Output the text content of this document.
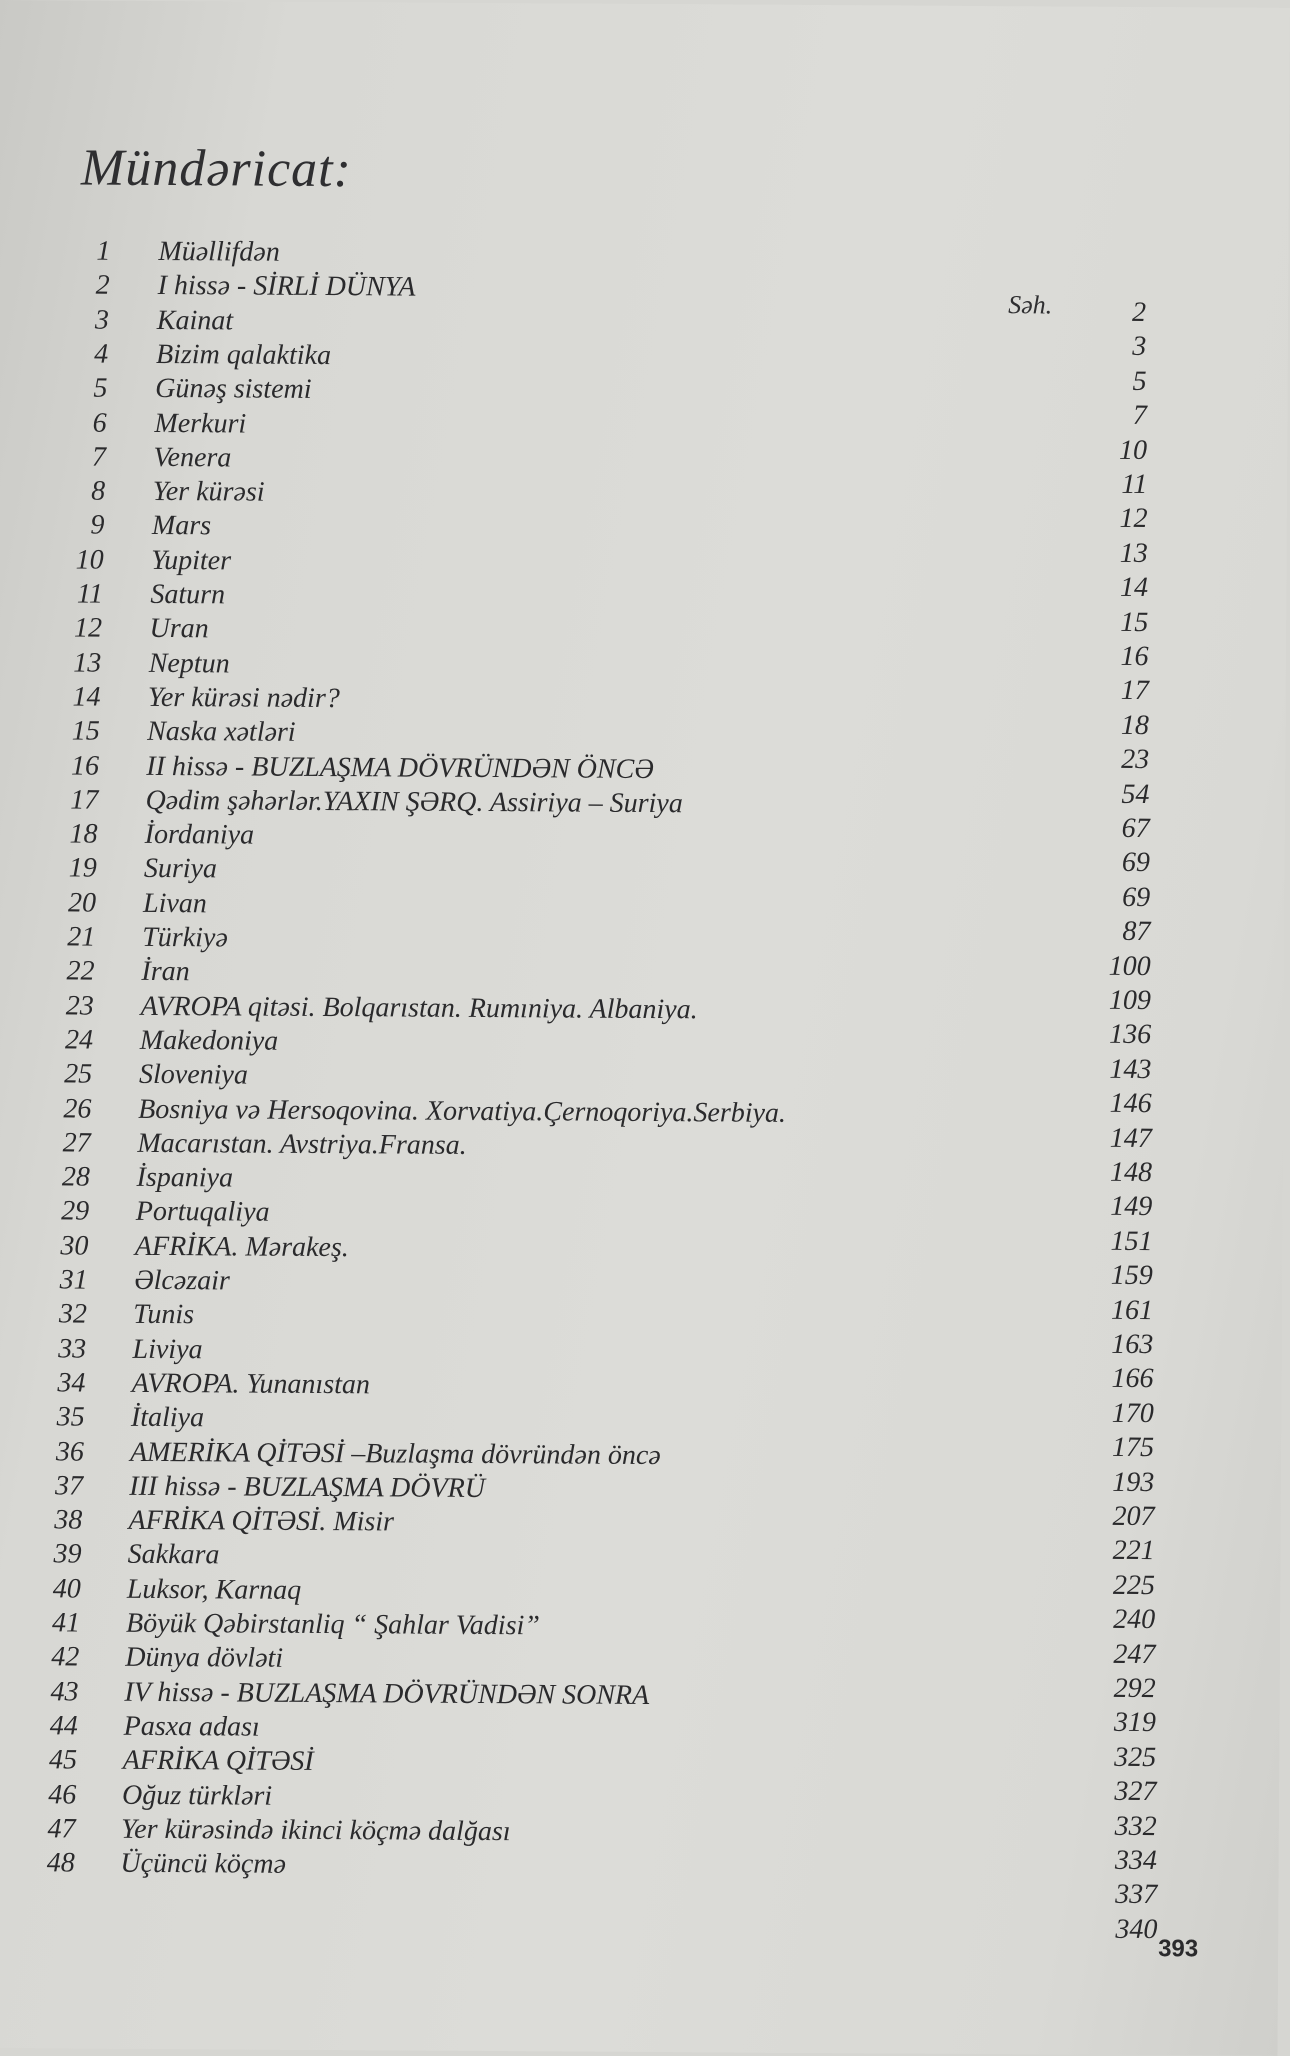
Mündəricat:
Səh.
1 Müəllifdən
2
2 I hissə - SİRLİ DÜNYA
3
3 Kainat
5
4 Bizim qalaktika
7
5 Günəş sistemi
10
6 Merkuri
11
7 Venera
12
8 Yer kürəsi
13
9 Mars
14
10 Yupiter
15
11 Saturn
16
12 Uran
17
13 Neptun
18
14 Yer kürəsi nədir?
23
15 Naska xətləri
54
16 II hissə - BUZLAŞMA DÖVRÜNDƏN ÖNCƏ
67
17 Qədim şəhərlər.YAXIN ŞƏRQ. Assiriya – Suriya
69
18 İordaniya
69
19 Suriya
87
20 Livan
100
21 Türkiyə
109
22 İran
136
23 AVROPA qitəsi. Bolqarıstan. Rumıniya. Albaniya.
143
24 Makedoniya
146
25 Sloveniya
147
26 Bosniya və Hersoqovina. Xorvatiya.Çernoqoriya.Serbiya.
148
27 Macarıstan. Avstriya.Fransa.
149
28 İspaniya
151
29 Portuqaliya
159
30 AFRİKA. Mərakeş.
161
31 Əlcəzair
163
32 Tunis
166
33 Liviya
170
34 AVROPA. Yunanıstan
175
35 İtaliya
193
36 AMERİKA QİTƏSİ –Buzlaşma dövründən öncə
207
37 III hissə - BUZLAŞMA DÖVRÜ
221
38 AFRİKA QİTƏSİ. Misir
225
39 Sakkara
240
40 Luksor, Karnaq
247
41 Böyük Qəbirstanliq “ Şahlar Vadisi”
292
42 Dünya dövləti
319
43 IV hissə - BUZLAŞMA DÖVRÜNDƏN SONRA
325
44 Pasxa adası
327
45 AFRİKA QİTƏSİ
332
46 Oğuz türkləri
334
47 Yer kürəsində ikinci köçmə dalğası
337
48 Üçüncü köçmə
340
393
